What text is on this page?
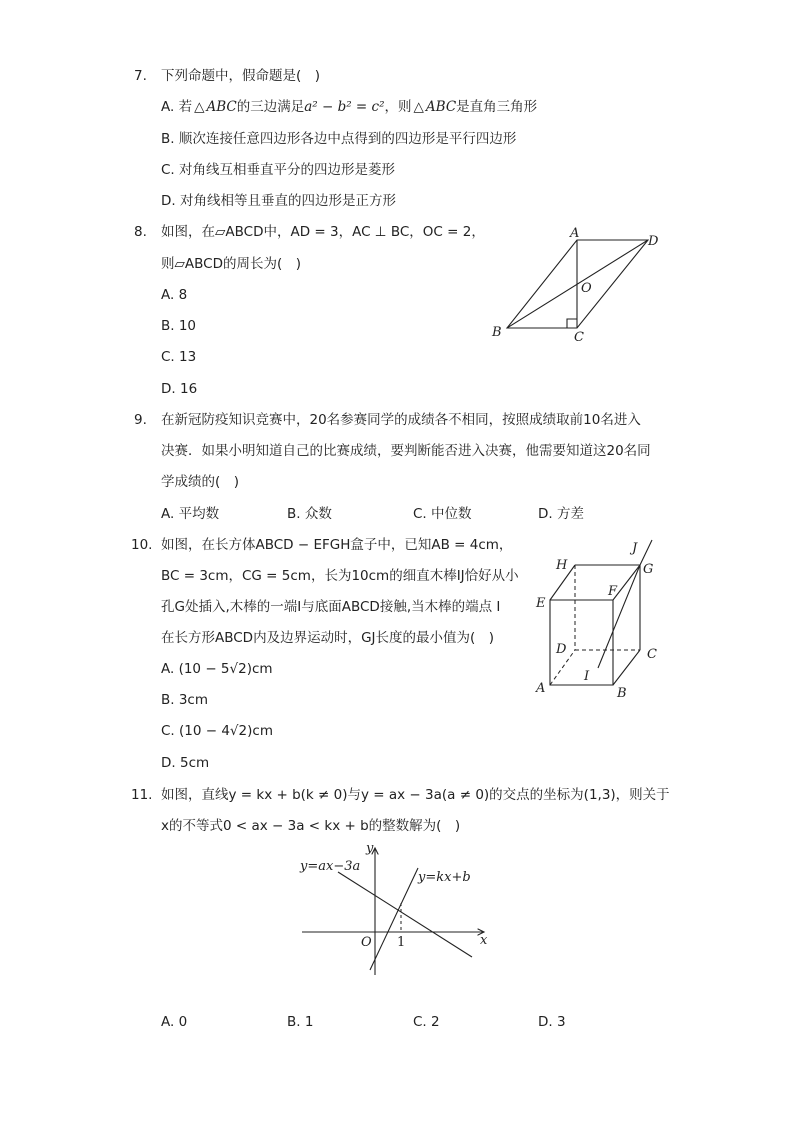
7. 下列命题中，假命题是(　)
A. 若 △ ABC的三边满足a² − b² = c²，则 △ ABC是直角三角形
B. 顺次连接任意四边形各边中点得到的四边形是平行四边形
C. 对角线互相垂直平分的四边形是菱形
D. 对角线相等且垂直的四边形是正方形
8. 如图，在▱ABCD中，AD = 3，AC ⊥ BC，OC = 2，
则▱ABCD的周长为(　)
A. 8
B. 10
C. 13
D. 16
A
D
O
B	C
9. 在新冠防疫知识竞赛中，20名参赛同学的成绩各不相同，按照成绩取前10名进入
决赛．如果小明知道自己的比赛成绩，要判断能否进入决赛，他需要知道这20名同
学成绩的(　)
A. 平均数	B. 众数	C. 中位数	D. 方差
10. 如图，在长方体ABCD − EFGH盒子中，已知AB = 4cm，
BC = 3cm，CG = 5cm，长为10cm的细直木棒IJ恰好从小
孔G处插入,木棒的一端I与底面ABCD接触,当木棒的端点 I
在长方形ABCD内及边界运动时，GJ长度的最小值为(　)
A. (10 − 5√2)cm
B. 3cm
C. (10 − 4√2)cm
D. 5cm
H
J
G
E
F
D	C
I
A	B
11. 如图，直线y = kx + b(k ≠ 0)与y = ax − 3a(a ≠ 0)的交点的坐标为(1,3)，则关于
x的不等式0 < ax − 3a < kx + b的整数解为(　)
y
x
O 1
y=ax−3a
y=kx+b
A. 0	B. 1	C. 2	D. 3
